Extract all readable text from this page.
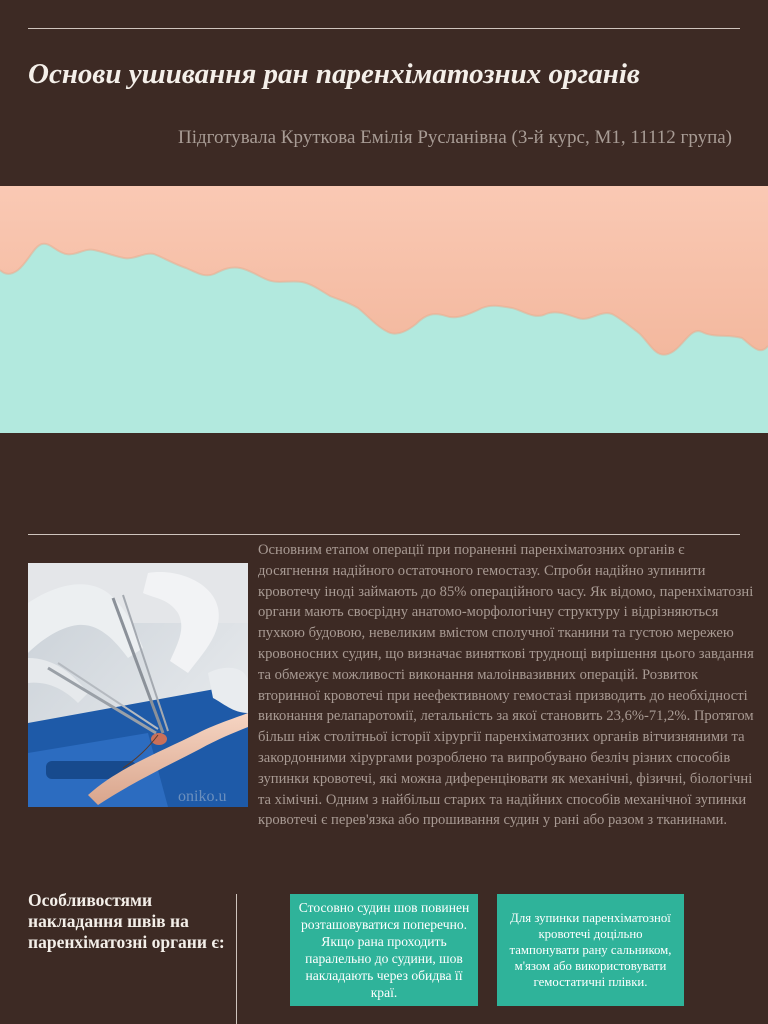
Основи ушивання ран паренхіматозних органів

Підготувала Круткова Емілія Русланівна (3-й курс, М1, 11112 група)

oniko.u

Основним етапом операції при пораненні паренхіматозних органів є досягнення надійного остаточного гемостазу. Спроби надійно зупинити кровотечу іноді займають до 85% операційного часу. Як відомо, паренхіматозні органи мають своєрідну анатомо-морфологічну структуру і відрізняються пухкою будовою, невеликим вмістом сполучної тканини та густою мережею кровоносних судин, що визначає виняткові труднощі вирішення цього завдання та обмежує можливості виконання малоінвазивних операцій. Розвиток вторинної кровотечі при неефективному гемостазі призводить до необхідності виконання релапаротомії, летальність за якої становить 23,6%-71,2%. Протягом більш ніж столітньої історії хірургії паренхіматозних органів вітчизняними та закордонними хірургами розроблено та випробувано безліч різних способів зупинки кровотечі, які можна диференціювати як механічні, фізичні, біологічні та хімічні. Одним з найбільш старих та надійних способів механічної зупинки кровотечі є перев'язка або прошивання судин у рані або разом з тканинами.

Особливостями накладання швів на паренхіматозні органи є:
Стосовно судин шов повинен розташовуватися поперечно. Якщо рана проходить паралельно до судини, шов накладають через обидва її краї.
Для зупинки паренхіматозної кровотечі доцільно тампонувати рану сальником, м'язом або використовувати гемостатичні плівки.
